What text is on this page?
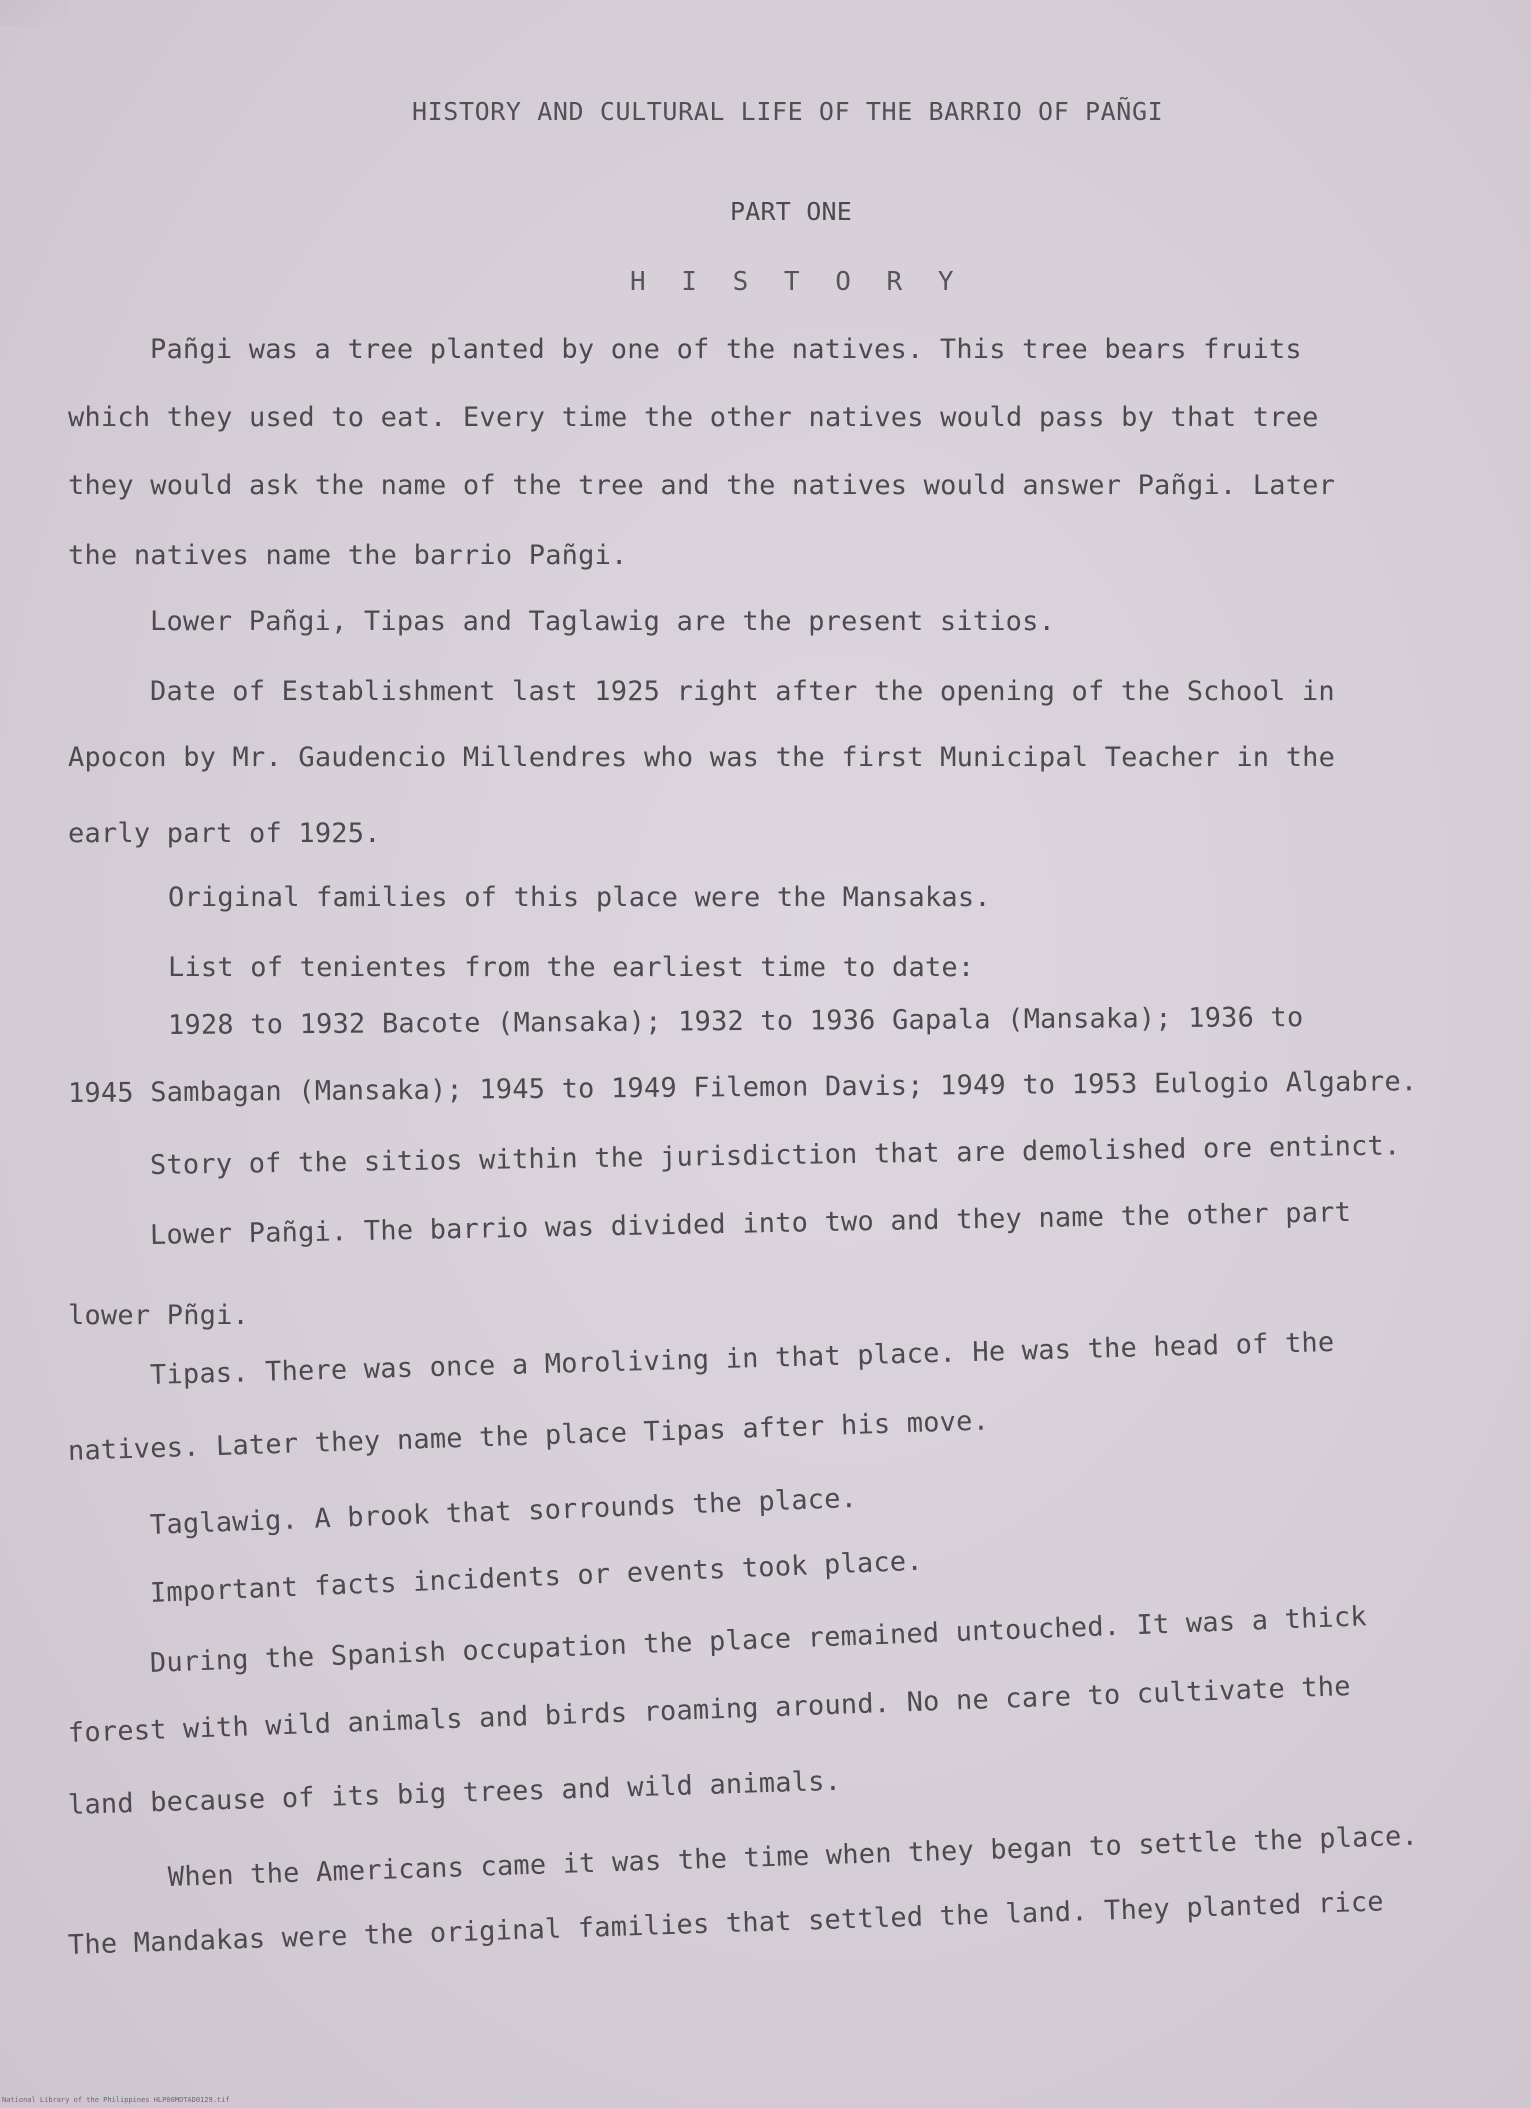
HISTORY AND CULTURAL LIFE OF THE BARRIO OF PAÑGI
PART ONE
H I S T O R Y
Pañgi was a tree planted by one of the natives. This tree bears fruits
which they used to eat. Every time the other natives would pass by that tree
they would ask the name of the tree and the natives would answer Pañgi. Later
the natives name the barrio Pañgi.
Lower Pañgi, Tipas and Taglawig are the present sitios.
Date of Establishment last 1925 right after the opening of the School in
Apocon by Mr. Gaudencio Millendres who was the first Municipal Teacher in the
early part of 1925.
Original families of this place were the Mansakas.
List of tenientes from the earliest time to date:
1928 to 1932 Bacote (Mansaka); 1932 to 1936 Gapala (Mansaka); 1936 to
1945 Sambagan (Mansaka); 1945 to 1949 Filemon Davis; 1949 to 1953 Eulogio Algabre.
Story of the sitios within the jurisdiction that are demolished ore entinct.
Lower Pañgi. The barrio was divided into two and they name the other part
lower Pñgi.
Tipas. There was once a Moroliving in that place. He was the head of the
natives. Later they name the place Tipas after his move.
Taglawig. A brook that sorrounds the place.
Important facts incidents or events took place.
During the Spanish occupation the place remained untouched. It was a thick
forest with wild animals and birds roaming around. No ne care to cultivate the
land because of its big trees and wild animals.
When the Americans came it was the time when they began to settle the place.
The Mandakas were the original families that settled the land. They planted rice
National Library of the Philippines HLP00MOTAD0129.tif
